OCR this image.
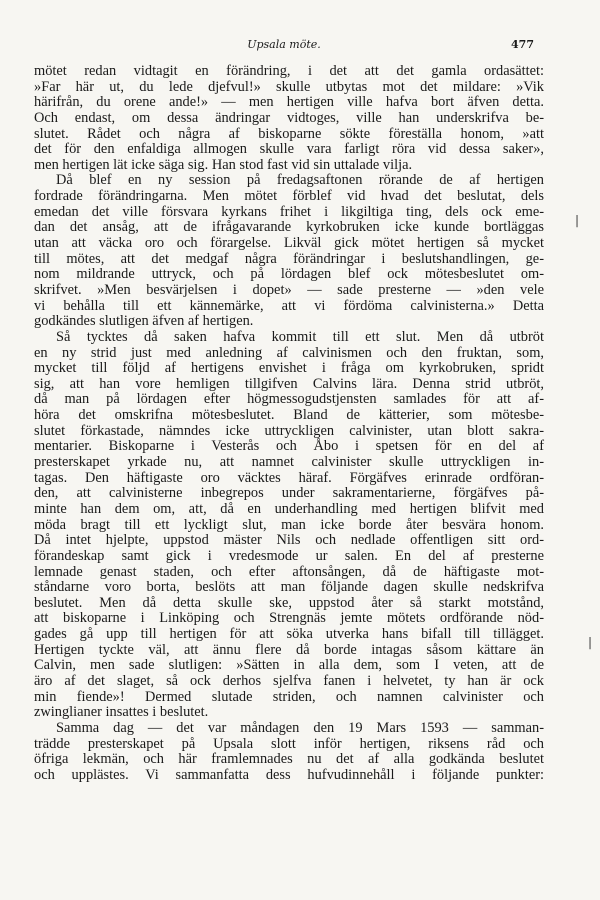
Upsala möte.	477
mötet redan vidtagit en förändring, i det att det gamla ordasättet:
»Far här ut, du lede djefvul!» skulle utbytas mot det mildare: »Vik
härifrån, du orene ande!» — men hertigen ville hafva bort äfven detta.
Och endast, om dessa ändringar vidtoges, ville han underskrifva be-
slutet. Rådet och några af biskoparne sökte föreställa honom, »att
det för den enfaldiga allmogen skulle vara farligt röra vid dessa saker»,
men hertigen lät icke säga sig. Han stod fast vid sin uttalade vilja.
Då blef en ny session på fredagsaftonen rörande de af hertigen
fordrade förändringarna. Men mötet förblef vid hvad det beslutat, dels
emedan det ville försvara kyrkans frihet i likgiltiga ting, dels ock eme-
dan det ansåg, att de ifrågavarande kyrkobruken icke kunde bortläggas
utan att väcka oro och förargelse. Likväl gick mötet hertigen så mycket
till mötes, att det medgaf några förändringar i beslutshandlingen, ge-
nom mildrande uttryck, och på lördagen blef ock mötesbeslutet om-
skrifvet. »Men besvärjelsen i dopet» — sade presterne — »den vele
vi behålla till ett kännemärke, att vi fördöma calvinisterna.» Detta
godkändes slutligen äfven af hertigen.
Så tycktes då saken hafva kommit till ett slut. Men då utbröt
en ny strid just med anledning af calvinismen och den fruktan, som,
mycket till följd af hertigens envishet i fråga om kyrkobruken, spridt
sig, att han vore hemligen tillgifven Calvins lära. Denna strid utbröt,
då man på lördagen efter högmessogudstjensten samlades för att af-
höra det omskrifna mötesbeslutet. Bland de kätterier, som mötesbe-
slutet förkastade, nämndes icke uttryckligen calvinister, utan blott sakra-
mentarier. Biskoparne i Vesterås och Åbo i spetsen för en del af
presterskapet yrkade nu, att namnet calvinister skulle uttryckligen in-
tagas. Den häftigaste oro väcktes häraf. Förgäfves erinrade ordföran-
den, att calvinisterne inbegrepos under sakramentarierne, förgäfves på-
minte han dem om, att, då en underhandling med hertigen blifvit med
möda bragt till ett lyckligt slut, man icke borde åter besvära honom.
Då intet hjelpte, uppstod mäster Nils och nedlade offentligen sitt ord-
förandeskap samt gick i vredesmode ur salen. En del af presterne
lemnade genast staden, och efter aftonsången, då de häftigaste mot-
ståndarne voro borta, beslöts att man följande dagen skulle nedskrifva
beslutet. Men då detta skulle ske, uppstod åter så starkt motstånd,
att biskoparne i Linköping och Strengnäs jemte mötets ordförande nöd-
gades gå upp till hertigen för att söka utverka hans bifall till tillägget.
Hertigen tyckte väl, att ännu flere då borde intagas såsom kättare än
Calvin, men sade slutligen: »Sätten in alla dem, som I veten, att de
äro af det slaget, så ock derhos sjelfva fanen i helvetet, ty han är ock
min fiende»! Dermed slutade striden, och namnen calvinister och
zwinglianer insattes i beslutet.
Samma dag — det var måndagen den 19 Mars 1593 — samman-
trädde presterskapet på Upsala slott inför hertigen, riksens råd och
öfriga lekmän, och här framlemnades nu det af alla godkända beslutet
och upplästes. Vi sammanfatta dess hufvudinnehåll i följande punkter:
|
|
